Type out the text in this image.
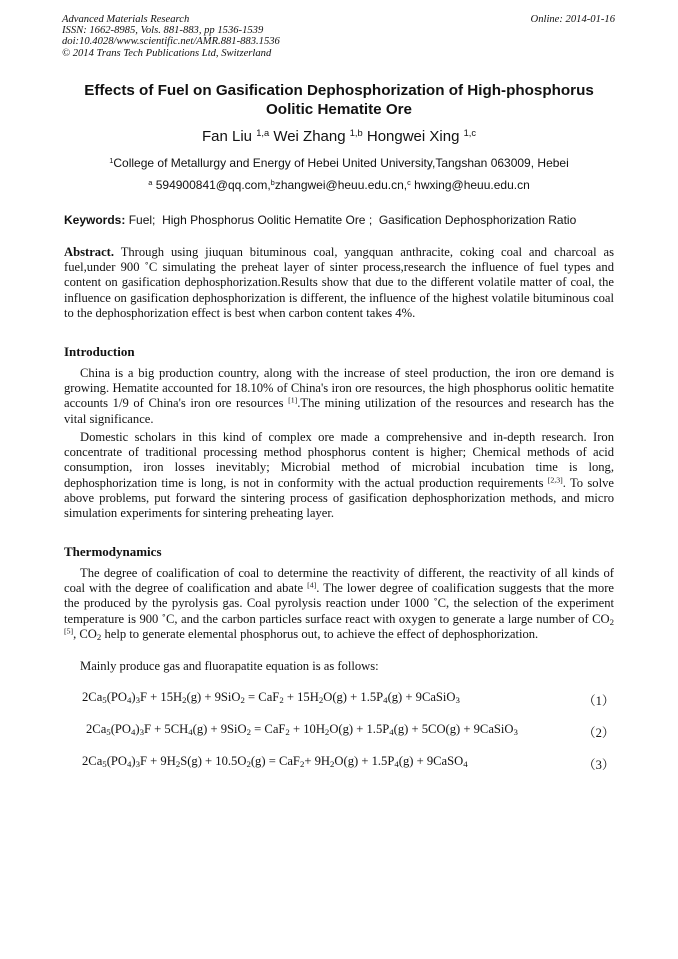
Advanced Materials Research
ISSN: 1662-8985, Vols. 881-883, pp 1536-1539
doi:10.4028/www.scientific.net/AMR.881-883.1536
© 2014 Trans Tech Publications Ltd, Switzerland
Online: 2014-01-16
Effects of Fuel on Gasification Dephosphorization of High-phosphorus
Oolitic Hematite Ore
Fan Liu $^{1,a}$ Wei Zhang $^{1,b}$ Hongwei Xing $^{1,c}$
$^1$College of Metallurgy and Energy of Hebei United University,Tangshan 063009, Hebei
$^a$ 594900841@qq.com,$^b$zhangwei@heuu.edu.cn,$^c$ hwxing@heuu.edu.cn
Keywords: Fuel; High Phosphorus Oolitic Hematite Ore ; Gasification Dephosphorization Ratio
Abstract. Through using jiuquan bituminous coal, yangquan anthracite, coking coal and charcoal as fuel,under 900 ˚C simulating the preheat layer of sinter process,research the influence of fuel types and content on gasification dephosphorization.Results show that due to the different volatile matter of coal, the influence on gasification dephosphorization is different, the influence of the highest volatile bituminous coal to the dephosphorization effect is best when carbon content takes 4%.
Introduction
China is a big production country, along with the increase of steel production, the iron ore demand is growing. Hematite accounted for 18.10% of China's iron ore resources, the high phosphorus oolitic hematite accounts 1/9 of China's iron ore resources [1].The mining utilization of the resources and research has the vital significance.
Domestic scholars in this kind of complex ore made a comprehensive and in-depth research. Iron concentrate of traditional processing method phosphorus content is higher; Chemical methods of acid consumption, iron losses inevitably; Microbial method of microbial incubation time is long, dephosphorization time is long, is not in conformity with the actual production requirements [2,3]. To solve above problems, put forward the sintering process of gasification dephosphorization methods, and micro simulation experiments for sintering preheating layer.
Thermodynamics
The degree of coalification of coal to determine the reactivity of different, the reactivity of all kinds of coal with the degree of coalification and abate [4]. The lower degree of coalification suggests that the more the produced by the pyrolysis gas. Coal pyrolysis reaction under 1000 ˚C, the selection of the experiment temperature is 900 ˚C, and the carbon particles surface react with oxygen to generate a large number of $CO_2$ [5], $CO_2$ help to generate elemental phosphorus out, to achieve the effect of dephosphorization.
Mainly produce gas and fluorapatite equation is as follows:
$2Ca_5(PO_4)_3F + 15H_2(g) + 9SiO_2 = CaF_2 + 15H_2O(g) + 1.5P_4(g)$ + 9CaSiO$_3$	（1）
$2Ca_5(PO_4)_3F + 5CH_4(g) + 9SiO_2 = CaF_2 + 10H_2O(g) + 1.5P_4(g) + 5CO(g)$ + 9CaSiO$_3$	（2）
$2Ca_5(PO_4)_3F + 9H_2S(g) + 10.5O_2(g) = CaF_2+ 9H_2O(g) + 1.5P_4(g)$ + 9CaSO$_4$	（3）
